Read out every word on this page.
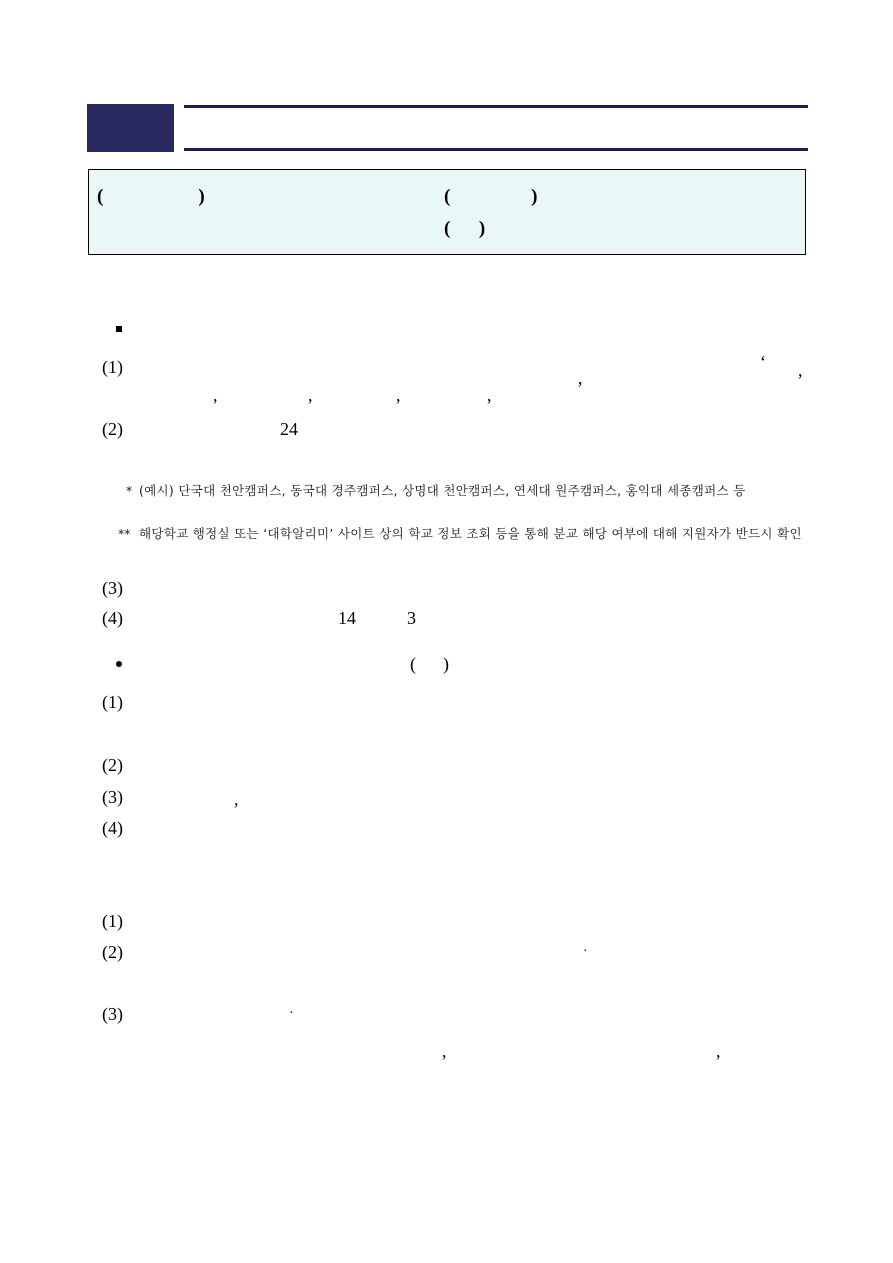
(                    )	(                 )
(      )
(1)	‘ ,
,	,	,	,	’
(2)	24
* (예시) 단국대 천안캠퍼스, 동국대 경주캠퍼스, 상명대 천안캠퍼스, 연세대 원주캠퍼스, 홍익대 세종캠퍼스 등
** 해당학교 행정실 또는 ‘대학알리미’ 사이트 상의 학교 정보 조회 등을 통해 분교 해당 여부에 대해 지원자가 반드시 확인
(3)
(4)	14	3
(      )
(1)
(2)
(3)	,
(4)
(1)
(2)	·
(3)	·
,	,
